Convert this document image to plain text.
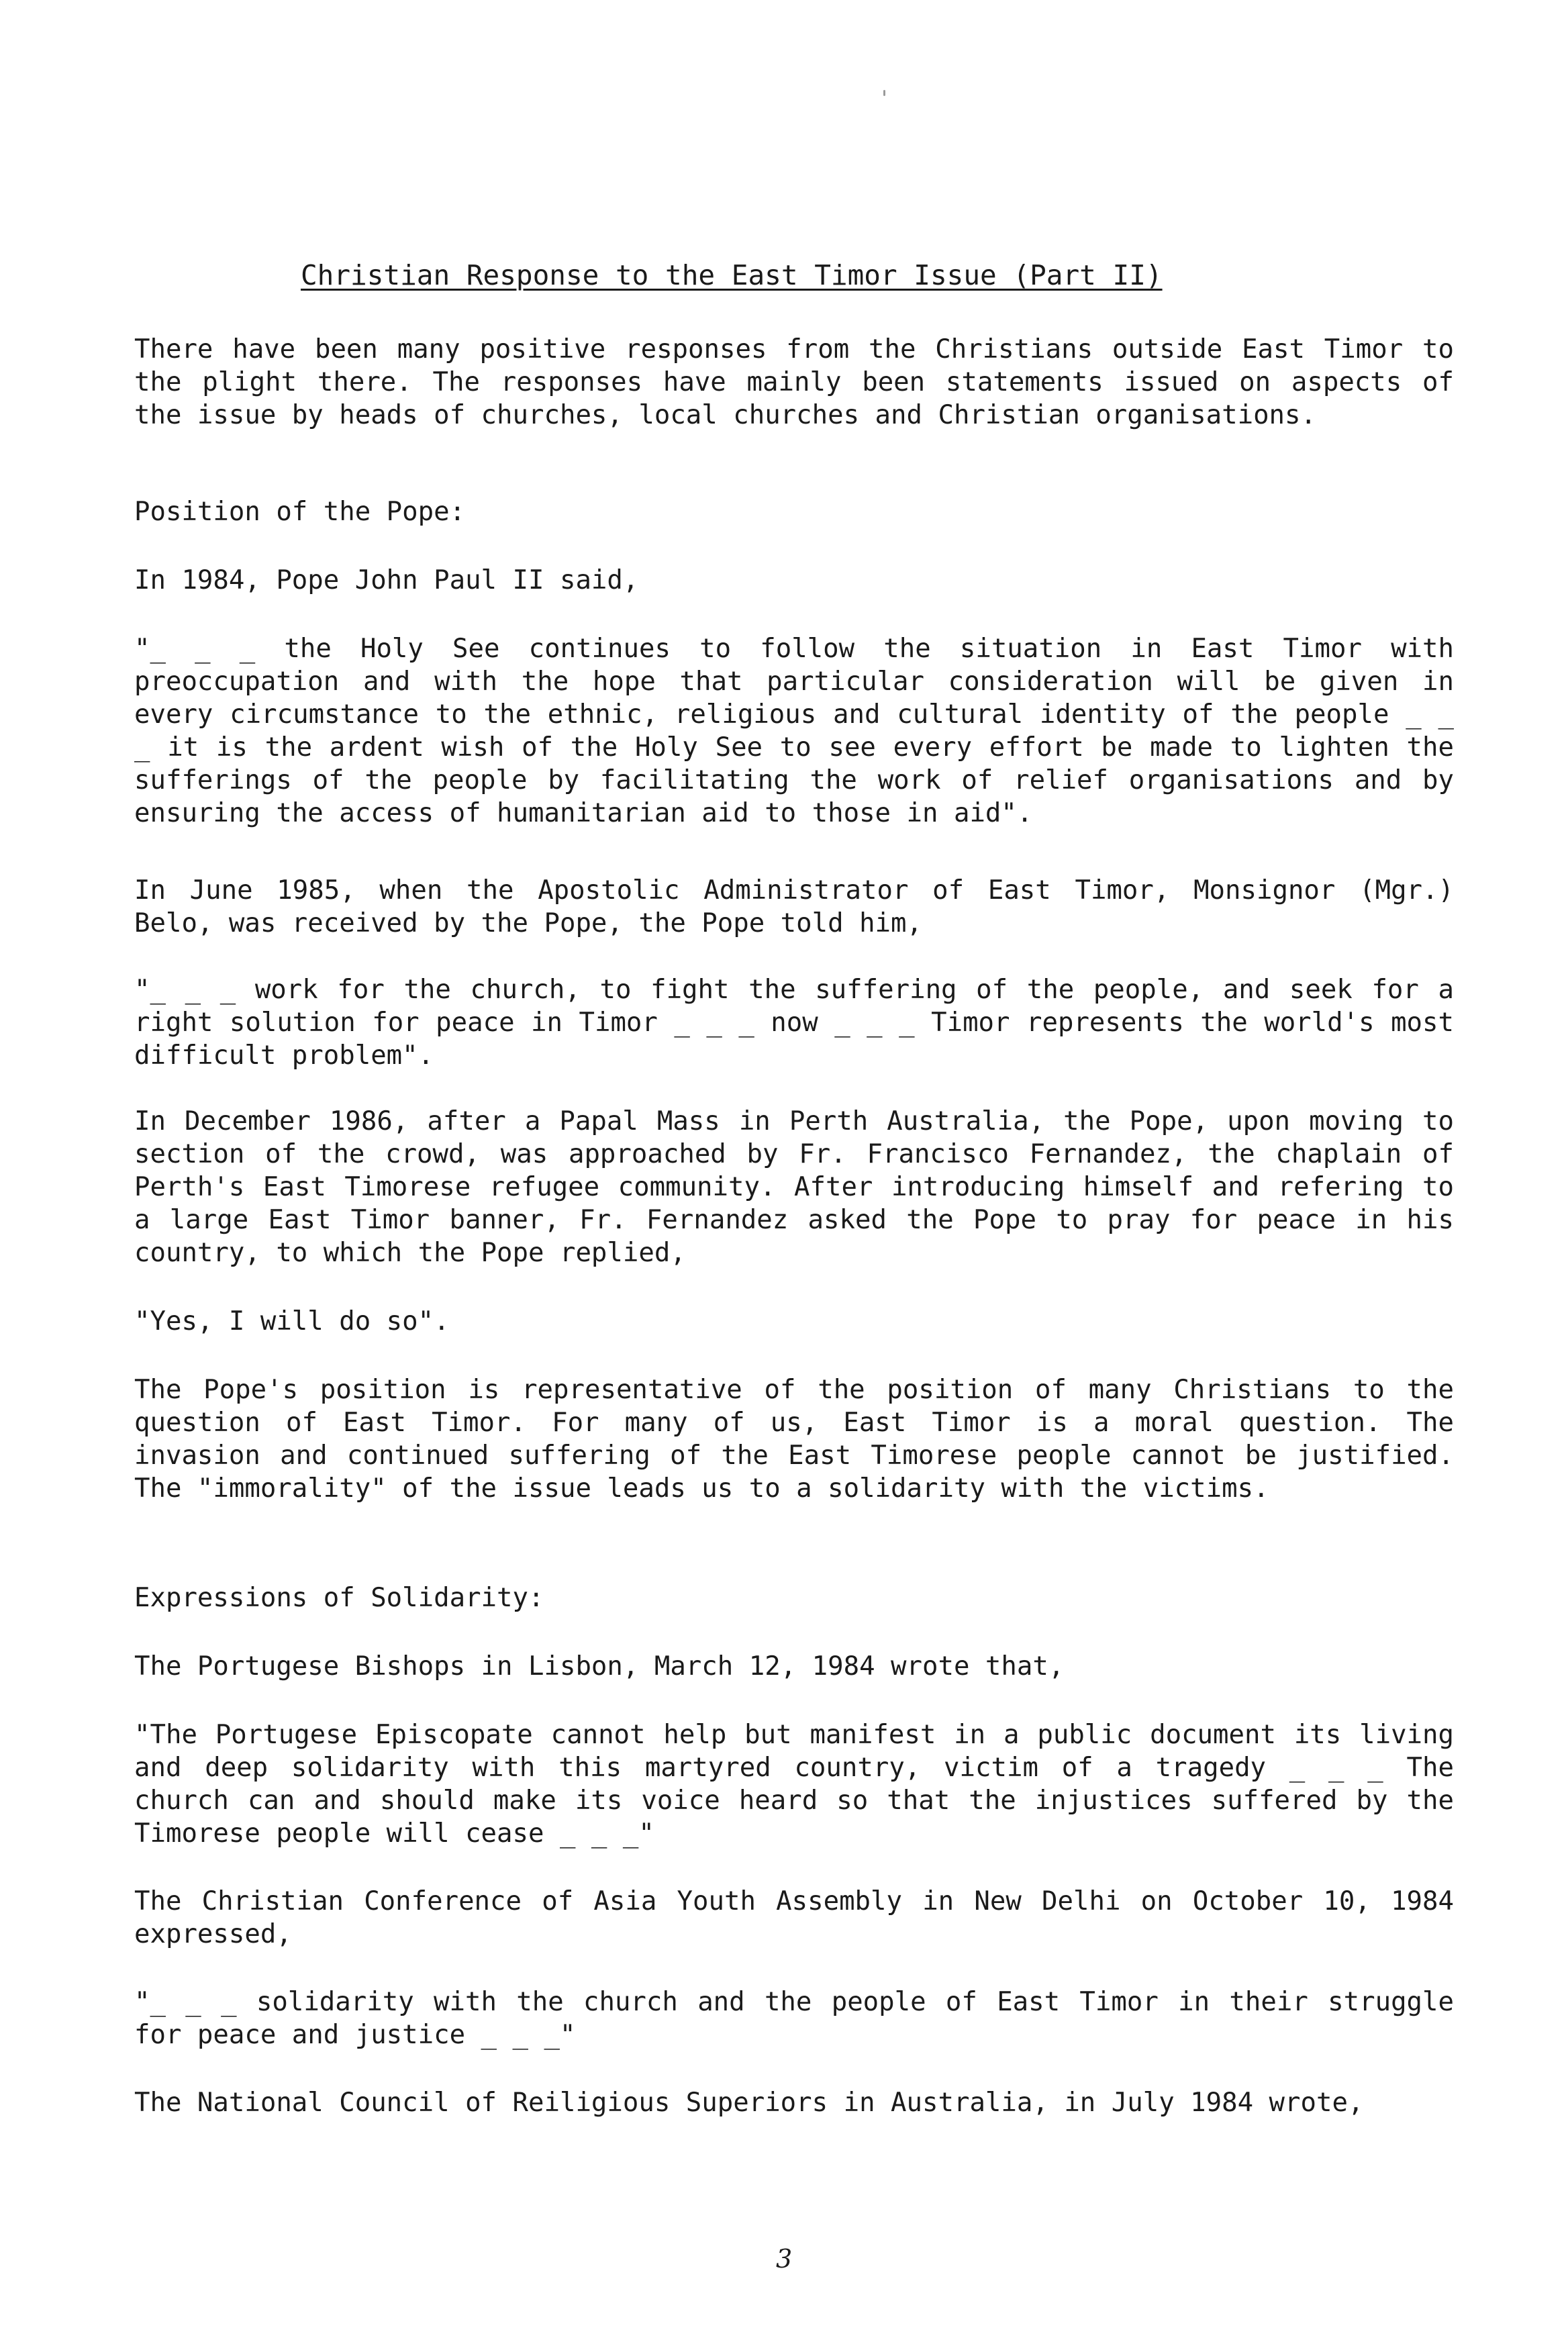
Christian Response to the East Timor Issue (Part II)

There have been many positive responses from the Christians outside East Timor to the plight there. The responses have mainly been statements issued on aspects of the issue by heads of churches, local churches and Christian organisations.

Position of the Pope:

In 1984, Pope John Paul II said,

"_ _ _ the Holy See continues to follow the situation in East Timor with preoccupation and with the hope that particular consideration will be given in every circumstance to the ethnic, religious and cultural identity of the people _ _ _ it is the ardent wish of the Holy See to see every effort be made to lighten the sufferings of the people by facilitating the work of relief organisations and by ensuring the access of humanitarian aid to those in aid".

In June 1985, when the Apostolic Administrator of East Timor, Monsignor (Mgr.) Belo, was received by the Pope, the Pope told him,

"_ _ _ work for the church, to fight the suffering of the people, and seek for a right solution for peace in Timor _ _ _ now _ _ _ Timor represents the world's most difficult problem".

In December 1986, after a Papal Mass in Perth Australia, the Pope, upon moving to section of the crowd, was approached by Fr. Francisco Fernandez, the chaplain of Perth's East Timorese refugee community. After introducing himself and refering to a large East Timor banner, Fr. Fernandez asked the Pope to pray for peace in his country, to which the Pope replied,

"Yes, I will do so".

The Pope's position is representative of the position of many Christians to the question of East Timor. For many of us, East Timor is a moral question. The invasion and continued suffering of the East Timorese people cannot be justified. The "immorality" of the issue leads us to a solidarity with the victims.

Expressions of Solidarity:

The Portugese Bishops in Lisbon, March 12, 1984 wrote that,

"The Portugese Episcopate cannot help but manifest in a public document its living and deep solidarity with this martyred country, victim of a tragedy _ _ _ The church can and should make its voice heard so that the injustices suffered by the Timorese people will cease _ _ _"

The Christian Conference of Asia Youth Assembly in New Delhi on October 10, 1984 expressed,

"_ _ _ solidarity with the church and the people of East Timor in their struggle for peace and justice _ _ _"

The National Council of Reiligious Superiors in Australia, in July 1984 wrote,

3
